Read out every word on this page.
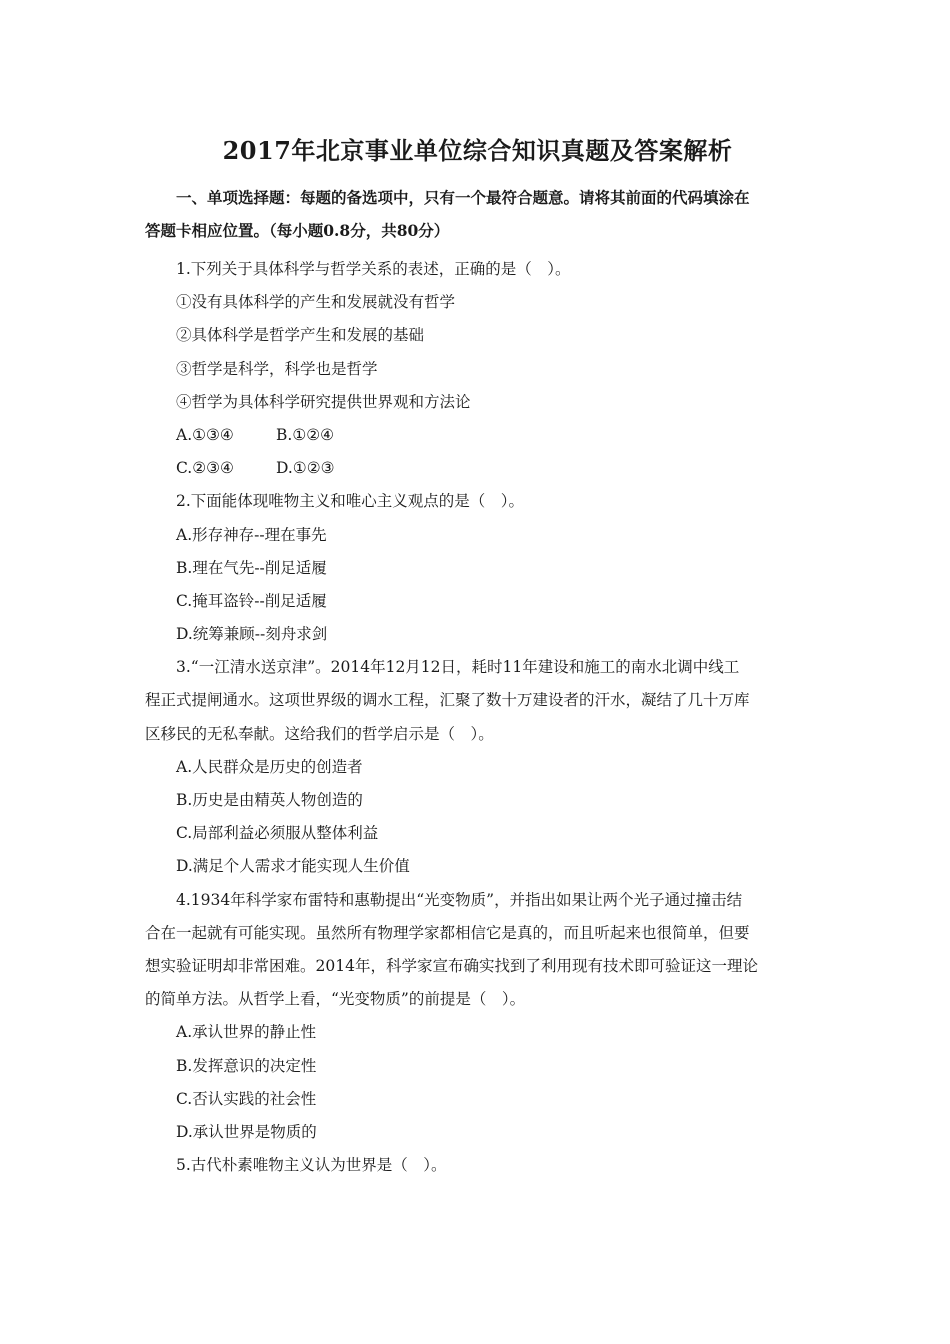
2017年北京事业单位综合知识真题及答案解析
一、单项选择题：每题的备选项中，只有一个最符合题意。请将其前面的代码填涂在
答题卡相应位置。（每小题0.8分，共80分）
1.下列关于具体科学与哲学关系的表述，正确的是（　）。
①没有具体科学的产生和发展就没有哲学
②具体科学是哲学产生和发展的基础
③哲学是科学，科学也是哲学
④哲学为具体科学研究提供世界观和方法论
A.①③④	B.①②④
C.②③④	D.①②③
2.下面能体现唯物主义和唯心主义观点的是（　）。
A.形存神存--理在事先
B.理在气先--削足适履
C.掩耳盗铃--削足适履
D.统筹兼顾--刻舟求剑
3.“一江清水送京津”。2014年12月12日，耗时11年建设和施工的南水北调中线工
程正式提闸通水。这项世界级的调水工程，汇聚了数十万建设者的汗水，凝结了几十万库
区移民的无私奉献。这给我们的哲学启示是（　）。
A.人民群众是历史的创造者
B.历史是由精英人物创造的
C.局部利益必须服从整体利益
D.满足个人需求才能实现人生价值
4.1934年科学家布雷特和惠勒提出“光变物质”，并指出如果让两个光子通过撞击结
合在一起就有可能实现。虽然所有物理学家都相信它是真的，而且听起来也很简单，但要
想实验证明却非常困难。2014年，科学家宣布确实找到了利用现有技术即可验证这一理论
的简单方法。从哲学上看，“光变物质”的前提是（　）。
A.承认世界的静止性
B.发挥意识的决定性
C.否认实践的社会性
D.承认世界是物质的
5.古代朴素唯物主义认为世界是（　）。
